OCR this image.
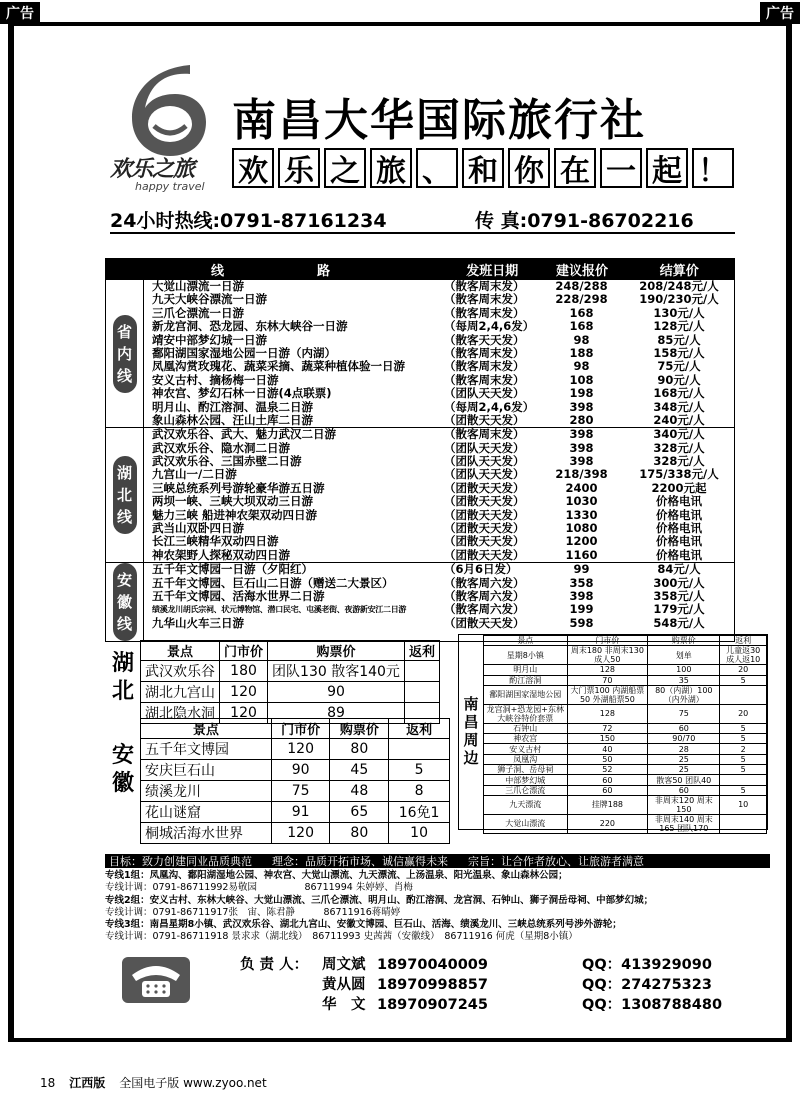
广告	广告
欢乐之旅
happy travel
南昌大华国际旅行社
欢 乐 之 旅 、 和 你 在 一 起 ！
24小时热线:0791-87161234	传 真:0791-86702216
线　路	发班日期	建议报价	结算价
省
内
线
大觉山漂流一日游	（散客周末发）	248/288	208/248元/人
九天大峡谷漂流一日游	（散客周末发）	228/298	190/230元/人
三爪仑漂流一日游	（散客周末发）	168	130元/人
新龙宫洞、恐龙园、东林大峡谷一日游	（每周2,4,6发）	168	128元/人
靖安中部梦幻城一日游	（散客天天发）	98	85元/人
鄱阳湖国家湿地公园一日游（内湖）	（散客周末发）	188	158元/人
凤凰沟赏玫瑰花、蔬菜采摘、蔬菜种植体验一日游	（散客周末发）	98	75元/人
安义古村、摘杨梅一日游	（散客周末发）	108	90元/人
神农宫、梦幻石林一日游(4点联票)	（团队天天发）	198	168元/人
明月山、酌江溶洞、温泉二日游	（每周2,4,6发）	398	348元/人
象山森林公园、汪山土库二日游	（团散天天发）	280	240元/人
湖
北
线
武汉欢乐谷、武大、魅力武汉二日游	（散客周末发）	398	340元/人
武汉欢乐谷、隐水洞二日游	（团队天天发）	398	328元/人
武汉欢乐谷、三国赤壁二日游	（团队天天发）	398	328元/人
九宫山一/二日游	（团队天天发）	218/398	175/338元/人
三峡总统系列号游轮豪华游五日游	（团散天天发）	2400	2200元起
两坝一峡、三峡大坝双动三日游	（团散天天发）	1030	价格电讯
魅力三峡 船进神农架双动四日游	（团散天天发）	1330	价格电讯
武当山双卧四日游	（团散天天发）	1080	价格电讯
长江三峡精华双动四日游	（团散天天发）	1200	价格电讯
神农架野人探秘双动四日游	（团散天天发）	1160	价格电讯
安
徽
线
五千年文博园一日游（夕阳红）	（6月6日发）	99	84元/人
五千年文博园、巨石山二日游（赠送二大景区）	（散客周六发）	358	300元/人
五千年文博园、活海水世界二日游	（散客周六发）	398	358元/人
绩溪龙川胡氏宗祠、状元博物馆、潜口民宅、屯溪老街、夜游新安江二日游	（散客周六发）	199	179元/人
九华山火车三日游	（团散天天发）	598	548元/人
湖北
景点	门市价	购票价	返利
武汉欢乐谷	180	团队130 散客140元	
湖北九宫山	120	90	
湖北隐水洞	120	89	
安徽
景点	门市价	购票价	返利
五千年文博园	120	80	
安庆巨石山	90	45	5
绩溪龙川	75	48	8
花山谜窟	91	65	16免1
桐城活海水世界	120	80	10
南昌周边
景点	门市价	购票价	返利
星期8小镇	周末180 非周末130 成人50	划单	儿童返30 成人返10
明月山	128	100	20
酌江溶洞	70	35	5
鄱阳湖国家湿地公园	大门票100 内湖船票50 外湖船票50	80（内湖）100（内外湖）	
龙宫洞+恐龙园+东林大峡谷特价套票	128	75	20
石钟山	72	60	5
神农宫	150	90/70	5
安义古村	40	28	2
凤凰沟	50	25	5
狮子洞、岳母祠	52	25	5
中部梦幻城	60	散客50 团队40	
三爪仑漂流	60	60	5
九天漂流	挂牌188	非周末120 周末150	10
大觉山漂流	220	非周末140 周末165 团队170	
目标：致力创建同业品质典范 理念：品质开拓市场、诚信赢得未来 宗旨：让合作者放心、让旅游者满意
专线1组：凤凰沟、鄱阳湖湿地公园、神农宫、大觉山漂流、九天漂流、上汤温泉、阳光温泉、象山森林公园；
专线计调：0791-86711992易敬园　　　　　86711994 朱婷婷、肖梅
专线2组：安义古村、东林大峡谷、大觉山漂流、三爪仑漂流、明月山、酌江溶洞、龙宫洞、石钟山、狮子洞岳母祠、中部梦幻城；
专线计调：0791-86711917张　宙、陈君静　　　86711916蒋晴婷
专线3组：南昌星期8小镇、武汉欢乐谷、湖北九宫山、安徽文博园、巨石山、活海、绩溪龙川、三峡总统系列号涉外游轮；
专线计调：0791-86711918 景求求（湖北线）　86711993 史茜茜（安徽线）　86711916 何虎（星期8小镇）
负 责 人： 周文斌 18970040009	QQ：413929090
黄从圆 18970998857	QQ：274275323
华　文 18970907245	QQ：1308788480
18 江西版 全国电子版 www.zyoo.net
